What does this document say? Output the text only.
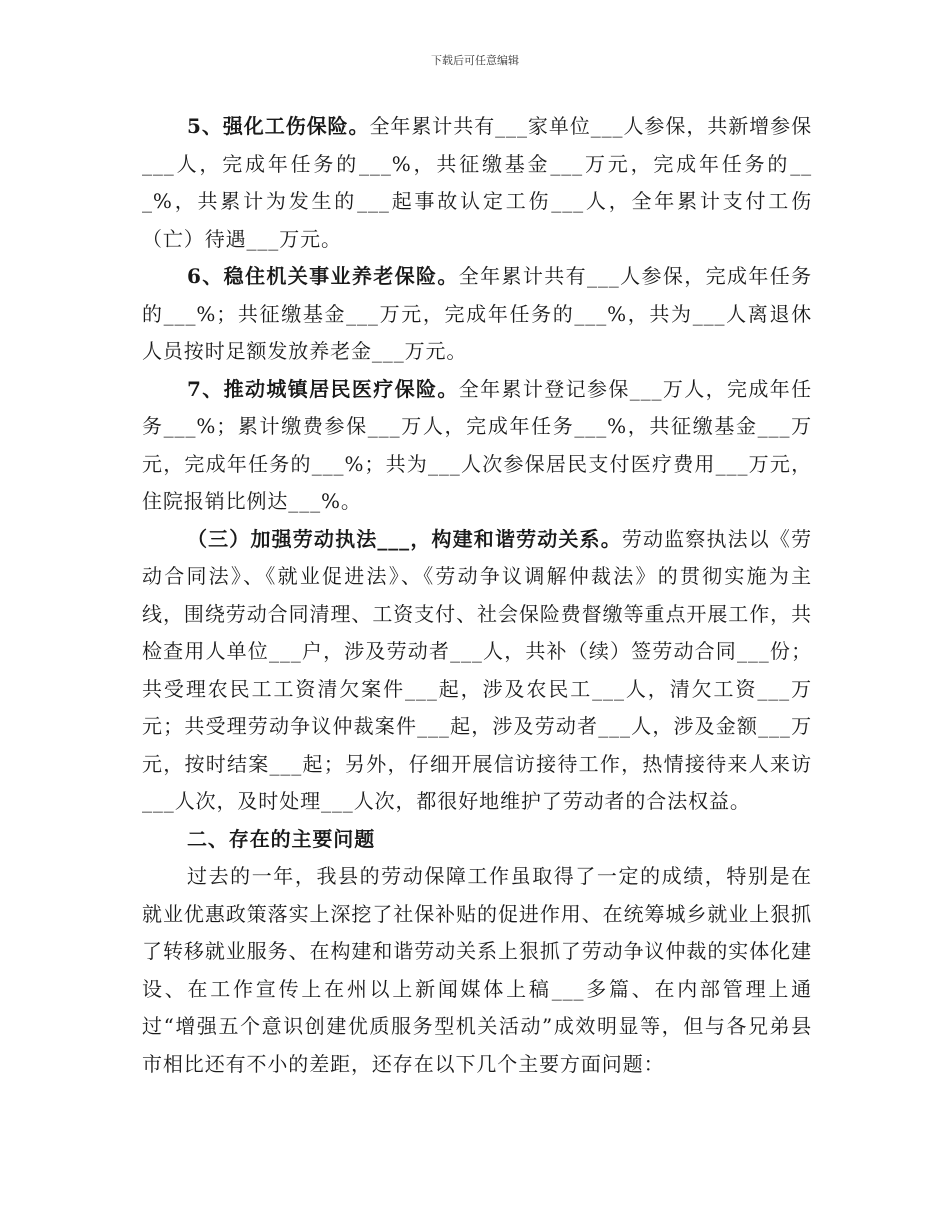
下载后可任意编辑

5、强化工伤保险。全年累计共有___家单位___人参保，共新增参保___人，完成年任务的___%，共征缴基金___万元，完成年任务的___%，共累计为发生的___起事故认定工伤___人，全年累计支付工伤（亡）待遇___万元。

6、稳住机关事业养老保险。全年累计共有___人参保，完成年任务的___%；共征缴基金___万元，完成年任务的___%，共为___人离退休人员按时足额发放养老金___万元。

7、推动城镇居民医疗保险。全年累计登记参保___万人，完成年任务___%；累计缴费参保___万人，完成年任务___%，共征缴基金___万元，完成年任务的___%；共为___人次参保居民支付医疗费用___万元，住院报销比例达___%。

（三）加强劳动执法___，构建和谐劳动关系。劳动监察执法以《劳动合同法》、《就业促进法》、《劳动争议调解仲裁法》的贯彻实施为主线，围绕劳动合同清理、工资支付、社会保险费督缴等重点开展工作，共检查用人单位___户，涉及劳动者___人，共补（续）签劳动合同___份；共受理农民工工资清欠案件___起，涉及农民工___人，清欠工资___万元；共受理劳动争议仲裁案件___起，涉及劳动者___人，涉及金额___万元，按时结案___起；另外，仔细开展信访接待工作，热情接待来人来访___人次，及时处理___人次，都很好地维护了劳动者的合法权益。

二、存在的主要问题

过去的一年，我县的劳动保障工作虽取得了一定的成绩，特别是在就业优惠政策落实上深挖了社保补贴的促进作用、在统筹城乡就业上狠抓了转移就业服务、在构建和谐劳动关系上狠抓了劳动争议仲裁的实体化建设、在工作宣传上在州以上新闻媒体上稿___多篇、在内部管理上通过“增强五个意识创建优质服务型机关活动”成效明显等，但与各兄弟县市相比还有不小的差距，还存在以下几个主要方面问题：
